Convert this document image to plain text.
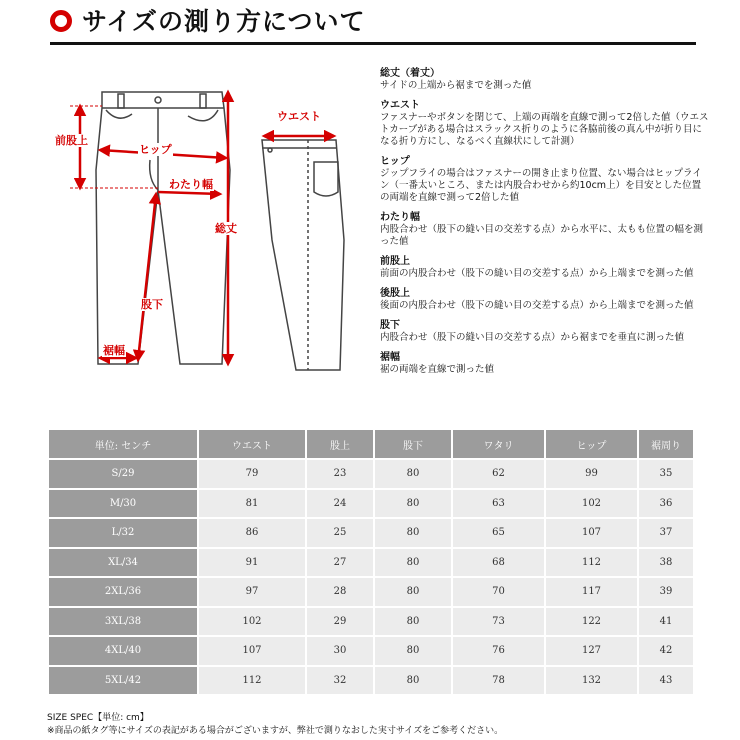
サイズの測り方について
前股上
ヒップ
わたり幅
総丈
股下
裾幅
ウエスト
総丈（着丈）
サイドの上端から裾までを測った値
ウエスト
ファスナーやボタンを閉じて、上端の両端を直線で測って2倍した値（ウエストカーブがある場合はスラックス折りのように各脇前後の真ん中が折り目になる折り方にし、なるべく直線状にして計測）
ヒップ
ジップフライの場合はファスナーの開き止まり位置、ない場合はヒップライン（一番太いところ、または内股合わせから約10cm上）を目安とした位置の両端を直線で測って2倍した値
わたり幅
内股合わせ（股下の縫い目の交差する点）から水平に、太もも位置の幅を測った値
前股上
前面の内股合わせ（股下の縫い目の交差する点）から上端までを測った値
後股上
後面の内股合わせ（股下の縫い目の交差する点）から上端までを測った値
股下
内股合わせ（股下の縫い目の交差する点）から裾までを垂直に測った値
裾幅
裾の両端を直線で測った値
単位: センチ	ウエスト	股上	股下	ワタリ	ヒップ	裾周り
S/29	79	23	80	62	99	35
M/30	81	24	80	63	102	36
L/32	86	25	80	65	107	37
XL/34	91	27	80	68	112	38
2XL/36	97	28	80	70	117	39
3XL/38	102	29	80	73	122	41
4XL/40	107	30	80	76	127	42
5XL/42	112	32	80	78	132	43
SIZE SPEC【単位: cm】
※商品の紙タグ等にサイズの表記がある場合がございますが、弊社で測りなおした実寸サイズをご参考ください。
